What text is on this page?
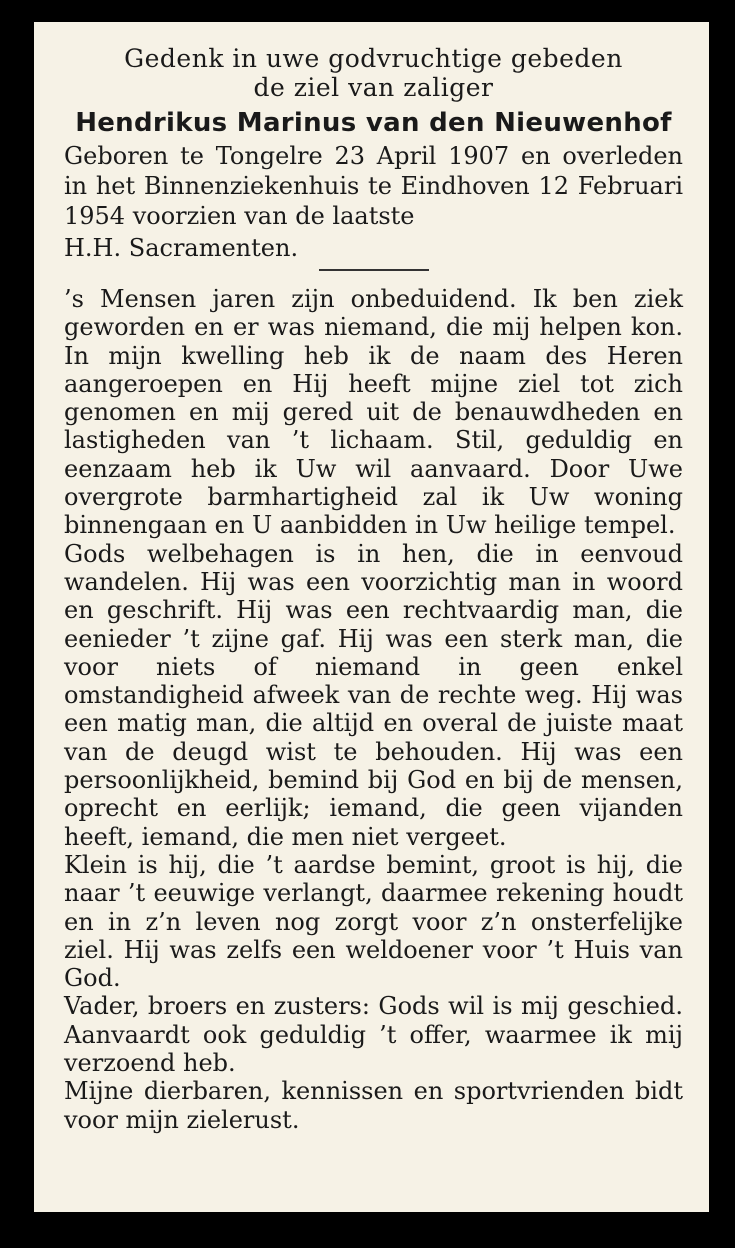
Gedenk in uwe godvruchtige gebeden
de ziel van zaliger
Hendrikus Marinus van den Nieuwenhof
Geboren te Tongelre 23 April 1907 en overleden in het Binnenziekenhuis te Eindhoven 12 Februari 1954 voorzien van de laatste
H.H. Sacramenten.

’s Mensen jaren zijn onbeduidend. Ik ben ziek geworden en er was niemand, die mij helpen kon. In mijn kwelling heb ik de naam des Heren aangeroepen en Hij heeft mijne ziel tot zich genomen en mij gered uit de benauwdheden en lastigheden van ’t lichaam. Stil, geduldig en eenzaam heb ik Uw wil aanvaard. Door Uwe overgrote barmhartigheid zal ik Uw woning binnengaan en U aanbidden in Uw heilige tempel.

Gods welbehagen is in hen, die in eenvoud wandelen. Hij was een voorzichtig man in woord en geschrift. Hij was een rechtvaardig man, die eenieder ’t zijne gaf. Hij was een sterk man, die voor niets of niemand in geen enkel omstandigheid afweek van de rechte weg. Hij was een matig man, die altijd en overal de juiste maat van de deugd wist te behouden. Hij was een persoonlijkheid, bemind bij God en bij de mensen, oprecht en eerlijk; iemand, die geen vijanden heeft, iemand, die men niet vergeet.

Klein is hij, die ’t aardse bemint, groot is hij, die naar ’t eeuwige verlangt, daarmee rekening houdt en in z’n leven nog zorgt voor z’n onsterfelijke ziel. Hij was zelfs een weldoener voor ’t Huis van God.

Vader, broers en zusters: Gods wil is mij geschied. Aanvaardt ook geduldig ’t offer, waarmee ik mij verzoend heb.

Mijne dierbaren, kennissen en sportvrienden bidt voor mijn zielerust.
